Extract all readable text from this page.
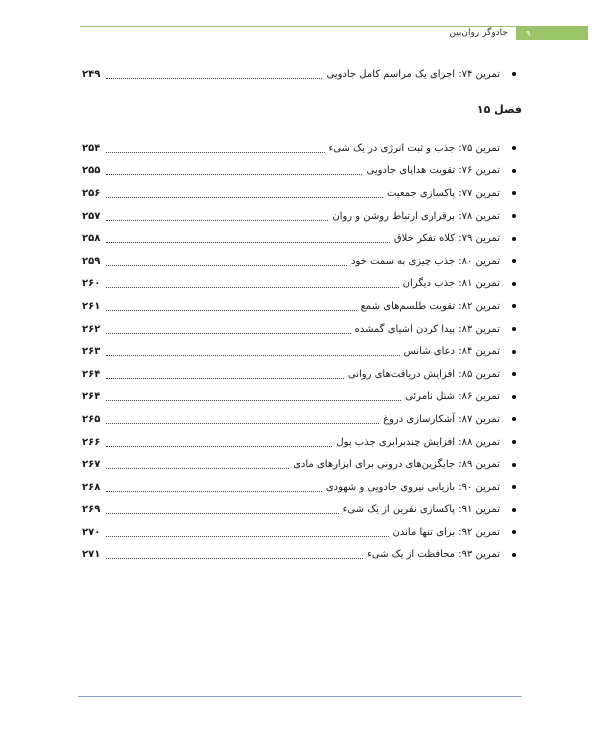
۹
جادوگر روان‌بین
تمرین ۷۴: اجرای یک مراسم کامل جادویی
۲۴۹
فصل ۱۵
تمرین ۷۵: جذب و ثبت انرژی در یک شیء
۲۵۴
تمرین ۷۶: تقویت هدایای جادویی
۲۵۵
تمرین ۷۷: پاکسازی جمعیت
۲۵۶
تمرین ۷۸: برقراری ارتباط روشن و روان
۲۵۷
تمرین ۷۹: کلاه تفکر خلاق
۲۵۸
تمرین ۸۰: جذب چیزی به سمت خود
۲۵۹
تمرین ۸۱: جذب دیگران
۲۶۰
تمرین ۸۲: تقویت طلسم‌های شمع
۲۶۱
تمرین ۸۳: پیدا کردن اشیای گمشده
۲۶۲
تمرین ۸۴: دعای شانس
۲۶۳
تمرین ۸۵: افزایش دریافت‌های روانی
۲۶۴
تمرین ۸۶: شنل نامرئی
۲۶۴
تمرین ۸۷: آشکارسازی دروغ
۲۶۵
تمرین ۸۸: افزایش چندبرابری جذب پول
۲۶۶
تمرین ۸۹: جایگزین‌های درونی برای ابزارهای مادی
۲۶۷
تمرین ۹۰: بازیابی نیروی جادویی و شهودی
۲۶۸
تمرین ۹۱: پاکسازی نفرین از یک شیء
۲۶۹
تمرین ۹۲: برای تنها ماندن
۲۷۰
تمرین ۹۳: محافظت از یک شیء
۲۷۱
